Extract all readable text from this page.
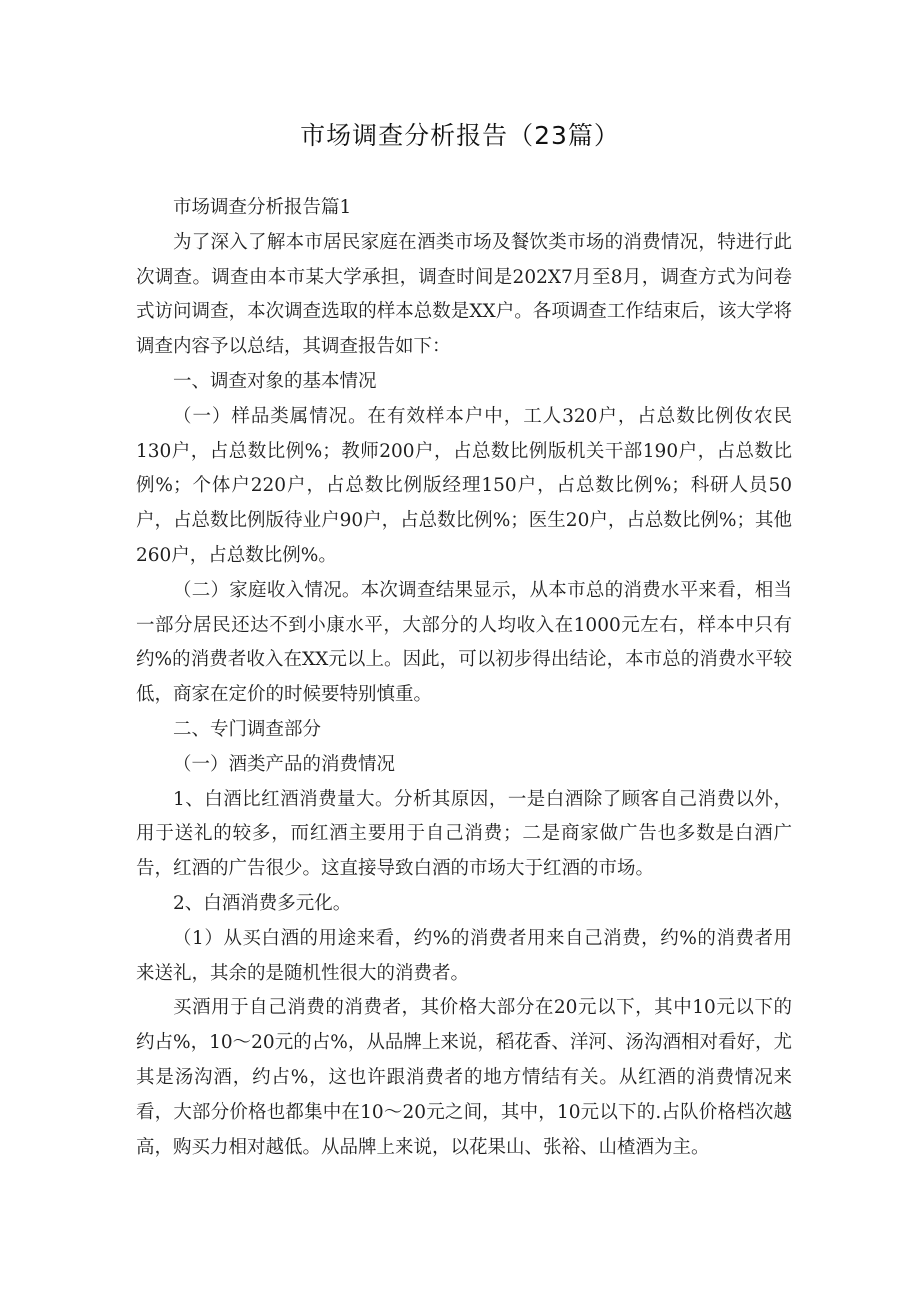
市场调查分析报告（23篇）

市场调查分析报告篇1

为了深入了解本市居民家庭在酒类市场及餐饮类市场的消费情况，特进行此次调查。调查由本市某大学承担，调查时间是202X7月至8月，调查方式为问卷式访问调查，本次调查选取的样本总数是XX户。各项调查工作结束后，该大学将调查内容予以总结，其调查报告如下：

一、调查对象的基本情况

（一）样品类属情况。在有效样本户中，工人320户，占总数比例㚢农民130户，占总数比例%；教师200户，占总数比例版机关干部190户，占总数比例%；个体户220户，占总数比例版经理150户，占总数比例%；科研人员50户，占总数比例版待业户90户，占总数比例%；医生20户，占总数比例%；其他260户，占总数比例%。

（二）家庭收入情况。本次调查结果显示，从本市总的消费水平来看，相当一部分居民还达不到小康水平，大部分的人均收入在1000元左右，样本中只有约%的消费者收入在XX元以上。因此，可以初步得出结论，本市总的消费水平较低，商家在定价的时候要特别慎重。

二、专门调查部分

（一）酒类产品的消费情况

1、白酒比红酒消费量大。分析其原因，一是白酒除了顾客自己消费以外，用于送礼的较多，而红酒主要用于自己消费；二是商家做广告也多数是白酒广告，红酒的广告很少。这直接导致白酒的市场大于红酒的市场。

2、白酒消费多元化。

（1）从买白酒的用途来看，约%的消费者用来自己消费，约%的消费者用来送礼，其余的是随机性很大的消费者。

买酒用于自己消费的消费者，其价格大部分在20元以下，其中10元以下的约占%，10～20元的占%，从品牌上来说，稻花香、洋河、汤沟酒相对看好，尤其是汤沟酒，约占%，这也许跟消费者的地方情结有关。从红酒的消费情况来看，大部分价格也都集中在10～20元之间，其中，10元以下的.占队价格档次越高，购买力相对越低。从品牌上来说，以花果山、张裕、山楂酒为主。
